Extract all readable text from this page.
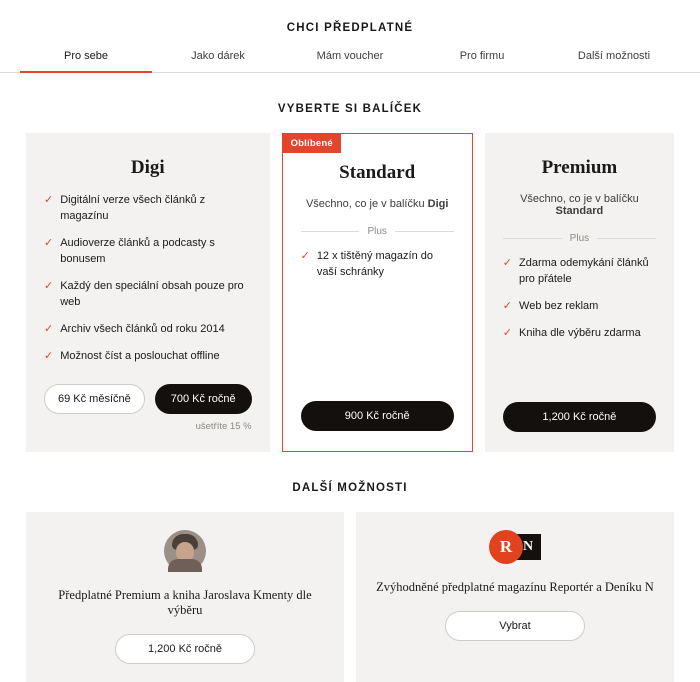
CHCI PŘEDPLATNÉ
Pro sebe	Jako dárek	Mám voucher	Pro firmu	Další možnosti
VYBERTE SI BALÍČEK
Digi
✓ Digitální verze všech článků z magazínu
✓ Audioverze článků a podcasty s bonusem
✓ Každý den speciální obsah pouze pro web
✓ Archiv všech článků od roku 2014
✓ Možnost číst a poslouchat offline
69 Kč měsíčně	700 Kč ročně
ušetříte 15 %
Oblíbené
Standard
Všechno, co je v balíčku Digi
Plus
✓ 12 x tištěný magazín do vaší schránky
900 Kč ročně
Premium
Všechno, co je v balíčku Standard
Plus
✓ Zdarma odemykání článků pro přátele
✓ Web bez reklam
✓ Kniha dle výběru zdarma
1,200 Kč ročně
DALŠÍ MOŽNOSTI
Předplatné Premium a kniha Jaroslava Kmenty dle výběru
1,200 Kč ročně
R N
Zvýhodněné předplatné magazínu Reportér a Deníku N
Vybrat
